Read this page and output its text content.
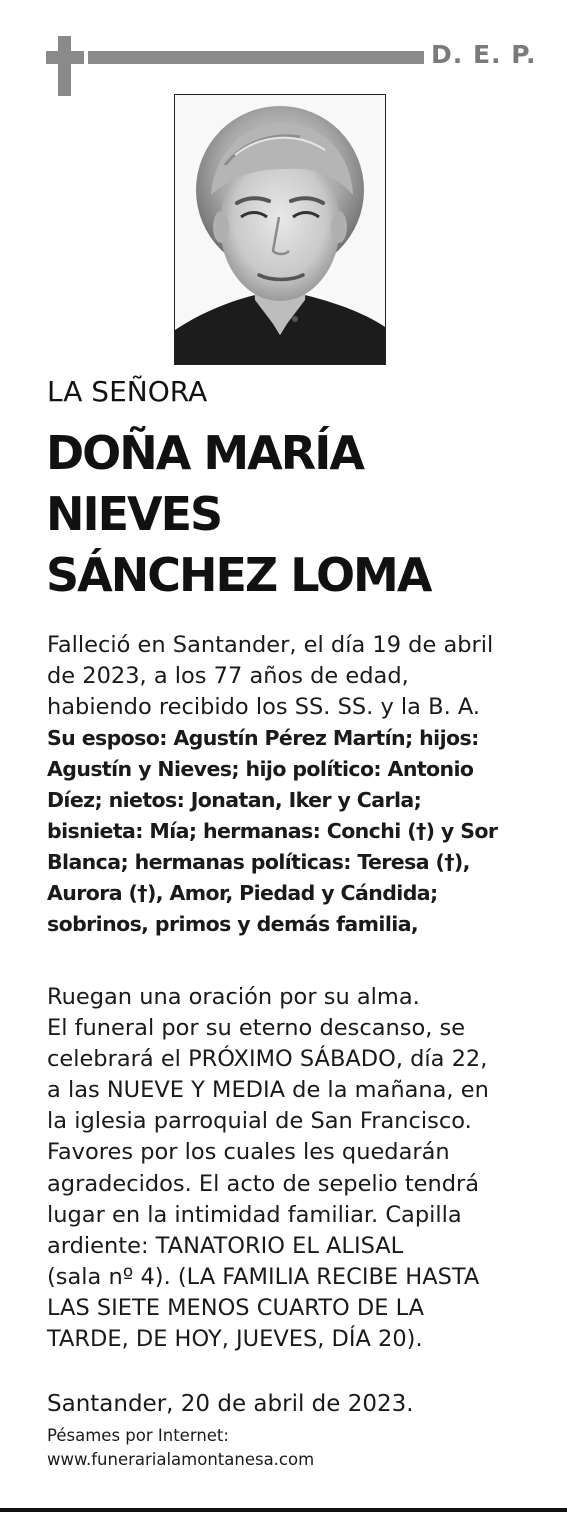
D. E. P.
LA SEÑORA
DOÑA MARÍA
NIEVES
SÁNCHEZ LOMA
Falleció en Santander, el día 19 de abril
de 2023, a los 77 años de edad,
habiendo recibido los SS. SS. y la B. A.
Su esposo: Agustín Pérez Martín; hijos:
Agustín y Nieves; hijo político: Antonio
Díez; nietos: Jonatan, Iker y Carla;
bisnieta: Mía; hermanas: Conchi (†) y Sor
Blanca; hermanas políticas: Teresa (†),
Aurora (†), Amor, Piedad y Cándida;
sobrinos, primos y demás familia,
Ruegan una oración por su alma.
El funeral por su eterno descanso, se
celebrará el PRÓXIMO SÁBADO, día 22,
a las NUEVE Y MEDIA de la mañana, en
la iglesia parroquial de San Francisco.
Favores por los cuales les quedarán
agradecidos. El acto de sepelio tendrá
lugar en la intimidad familiar. Capilla
ardiente: TANATORIO EL ALISAL
(sala nº 4). (LA FAMILIA RECIBE HASTA
LAS SIETE MENOS CUARTO DE LA
TARDE, DE HOY, JUEVES, DÍA 20).
Santander, 20 de abril de 2023.
Pésames por Internet:
www.funerarialamontanesa.com
